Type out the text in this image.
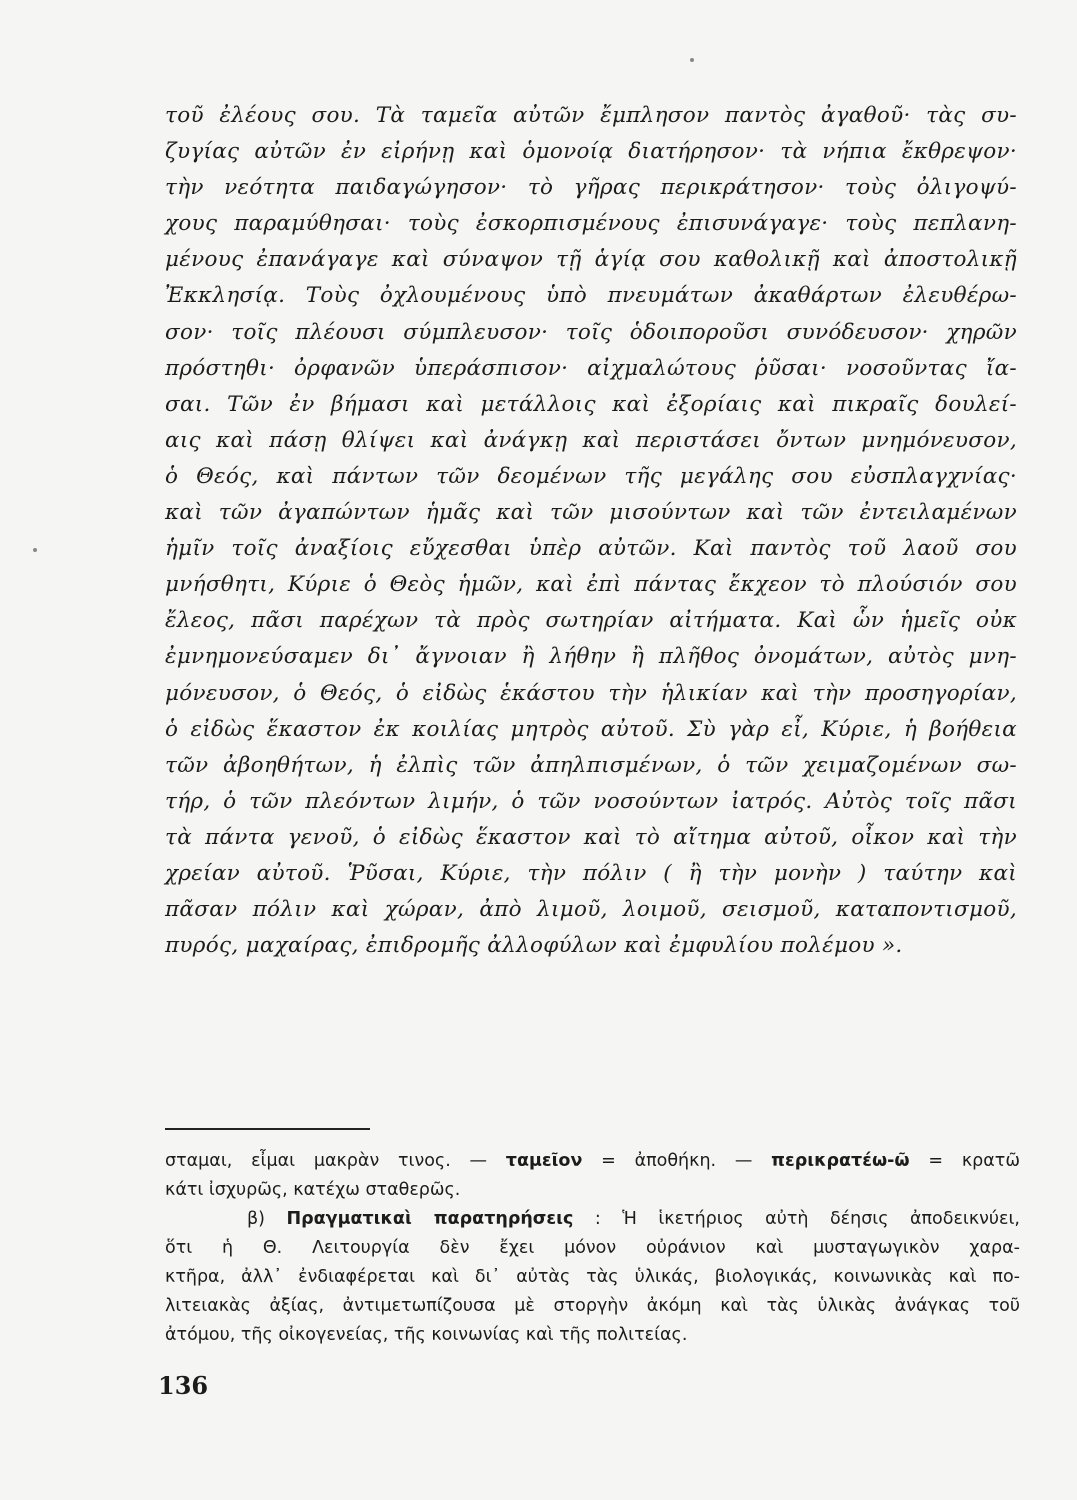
τοῦ ἐλέους σου. Τὰ ταμεῖα αὐτῶν ἔμπλησον παντὸς ἀγαθοῦ· τὰς συ-
ζυγίας αὐτῶν ἐν εἰρήνῃ καὶ ὁμονοίᾳ διατήρησον· τὰ νήπια ἔκθρεψον·
τὴν νεότητα παιδαγώγησον· τὸ γῆρας περικράτησον· τοὺς ὀλιγοψύ-
χους παραμύθησαι· τοὺς ἐσκορπισμένους ἐπισυνάγαγε· τοὺς πεπλανη-
μένους ἐπανάγαγε καὶ σύναψον τῇ ἁγίᾳ σου καθολικῇ καὶ ἀποστολικῇ
Ἐκκλησίᾳ. Τοὺς ὀχλουμένους ὑπὸ πνευμάτων ἀκαθάρτων ἐλευθέρω-
σον· τοῖς πλέουσι σύμπλευσον· τοῖς ὁδοιποροῦσι συνόδευσον· χηρῶν
πρόστηθι· ὀρφανῶν ὑπεράσπισον· αἰχμαλώτους ῥῦσαι· νοσοῦντας ἴα-
σαι. Τῶν ἐν βήμασι καὶ μετάλλοις καὶ ἐξορίαις καὶ πικραῖς δουλεί-
αις καὶ πάσῃ θλίψει καὶ ἀνάγκῃ καὶ περιστάσει ὄντων μνημόνευσον,
ὁ Θεός, καὶ πάντων τῶν δεομένων τῆς μεγάλης σου εὐσπλαγχνίας·
καὶ τῶν ἀγαπώντων ἡμᾶς καὶ τῶν μισούντων καὶ τῶν ἐντειλαμένων
ἡμῖν τοῖς ἀναξίοις εὔχεσθαι ὑπὲρ αὐτῶν. Καὶ παντὸς τοῦ λαοῦ σου
μνήσθητι, Κύριε ὁ Θεὸς ἡμῶν, καὶ ἐπὶ πάντας ἔκχεον τὸ πλούσιόν σου
ἔλεος, πᾶσι παρέχων τὰ πρὸς σωτηρίαν αἰτήματα. Καὶ ὧν ἡμεῖς οὐκ
ἐμνημονεύσαμεν δι᾽ ἄγνοιαν ἢ λήθην ἢ πλῆθος ὀνομάτων, αὐτὸς μνη-
μόνευσον, ὁ Θεός, ὁ εἰδὼς ἑκάστου τὴν ἡλικίαν καὶ τὴν προσηγορίαν,
ὁ εἰδὼς ἕκαστον ἐκ κοιλίας μητρὸς αὐτοῦ. Σὺ γὰρ εἶ, Κύριε, ἡ βοήθεια
τῶν ἀβοηθήτων, ἡ ἐλπὶς τῶν ἀπηλπισμένων, ὁ τῶν χειμαζομένων σω-
τήρ, ὁ τῶν πλεόντων λιμήν, ὁ τῶν νοσούντων ἰατρός. Αὐτὸς τοῖς πᾶσι
τὰ πάντα γενοῦ, ὁ εἰδὼς ἕκαστον καὶ τὸ αἴτημα αὐτοῦ, οἶκον καὶ τὴν
χρείαν αὐτοῦ. Ῥῦσαι, Κύριε, τὴν πόλιν ( ἢ τὴν μονὴν ) ταύτην καὶ
πᾶσαν πόλιν καὶ χώραν, ἀπὸ λιμοῦ, λοιμοῦ, σεισμοῦ, καταποντισμοῦ,
πυρός, μαχαίρας, ἐπιδρομῆς ἀλλοφύλων καὶ ἐμφυλίου πολέμου ».
σταμαι, εἶμαι μακρὰν τινος. — ταμεῖον = ἀποθήκη. — περικρατέω-ῶ = κρατῶ
κάτι ἰσχυρῶς, κατέχω σταθερῶς.
β) Πραγματικαὶ παρατηρήσεις : Ἡ ἱκετήριος αὐτὴ δέησις ἀποδεικνύει,
ὅτι ἡ Θ. Λειτουργία δὲν ἔχει μόνον οὐράνιον καὶ μυσταγωγικὸν χαρα-
κτῆρα, ἀλλ᾽ ἐνδιαφέρεται καὶ δι᾽ αὐτὰς τὰς ὑλικάς, βιολογικάς, κοινωνικὰς καὶ πο-
λιτειακὰς ἀξίας, ἀντιμετωπίζουσα μὲ στοργὴν ἀκόμη καὶ τὰς ὑλικὰς ἀνάγκας τοῦ
ἀτόμου, τῆς οἰκογενείας, τῆς κοινωνίας καὶ τῆς πολιτείας.
136
